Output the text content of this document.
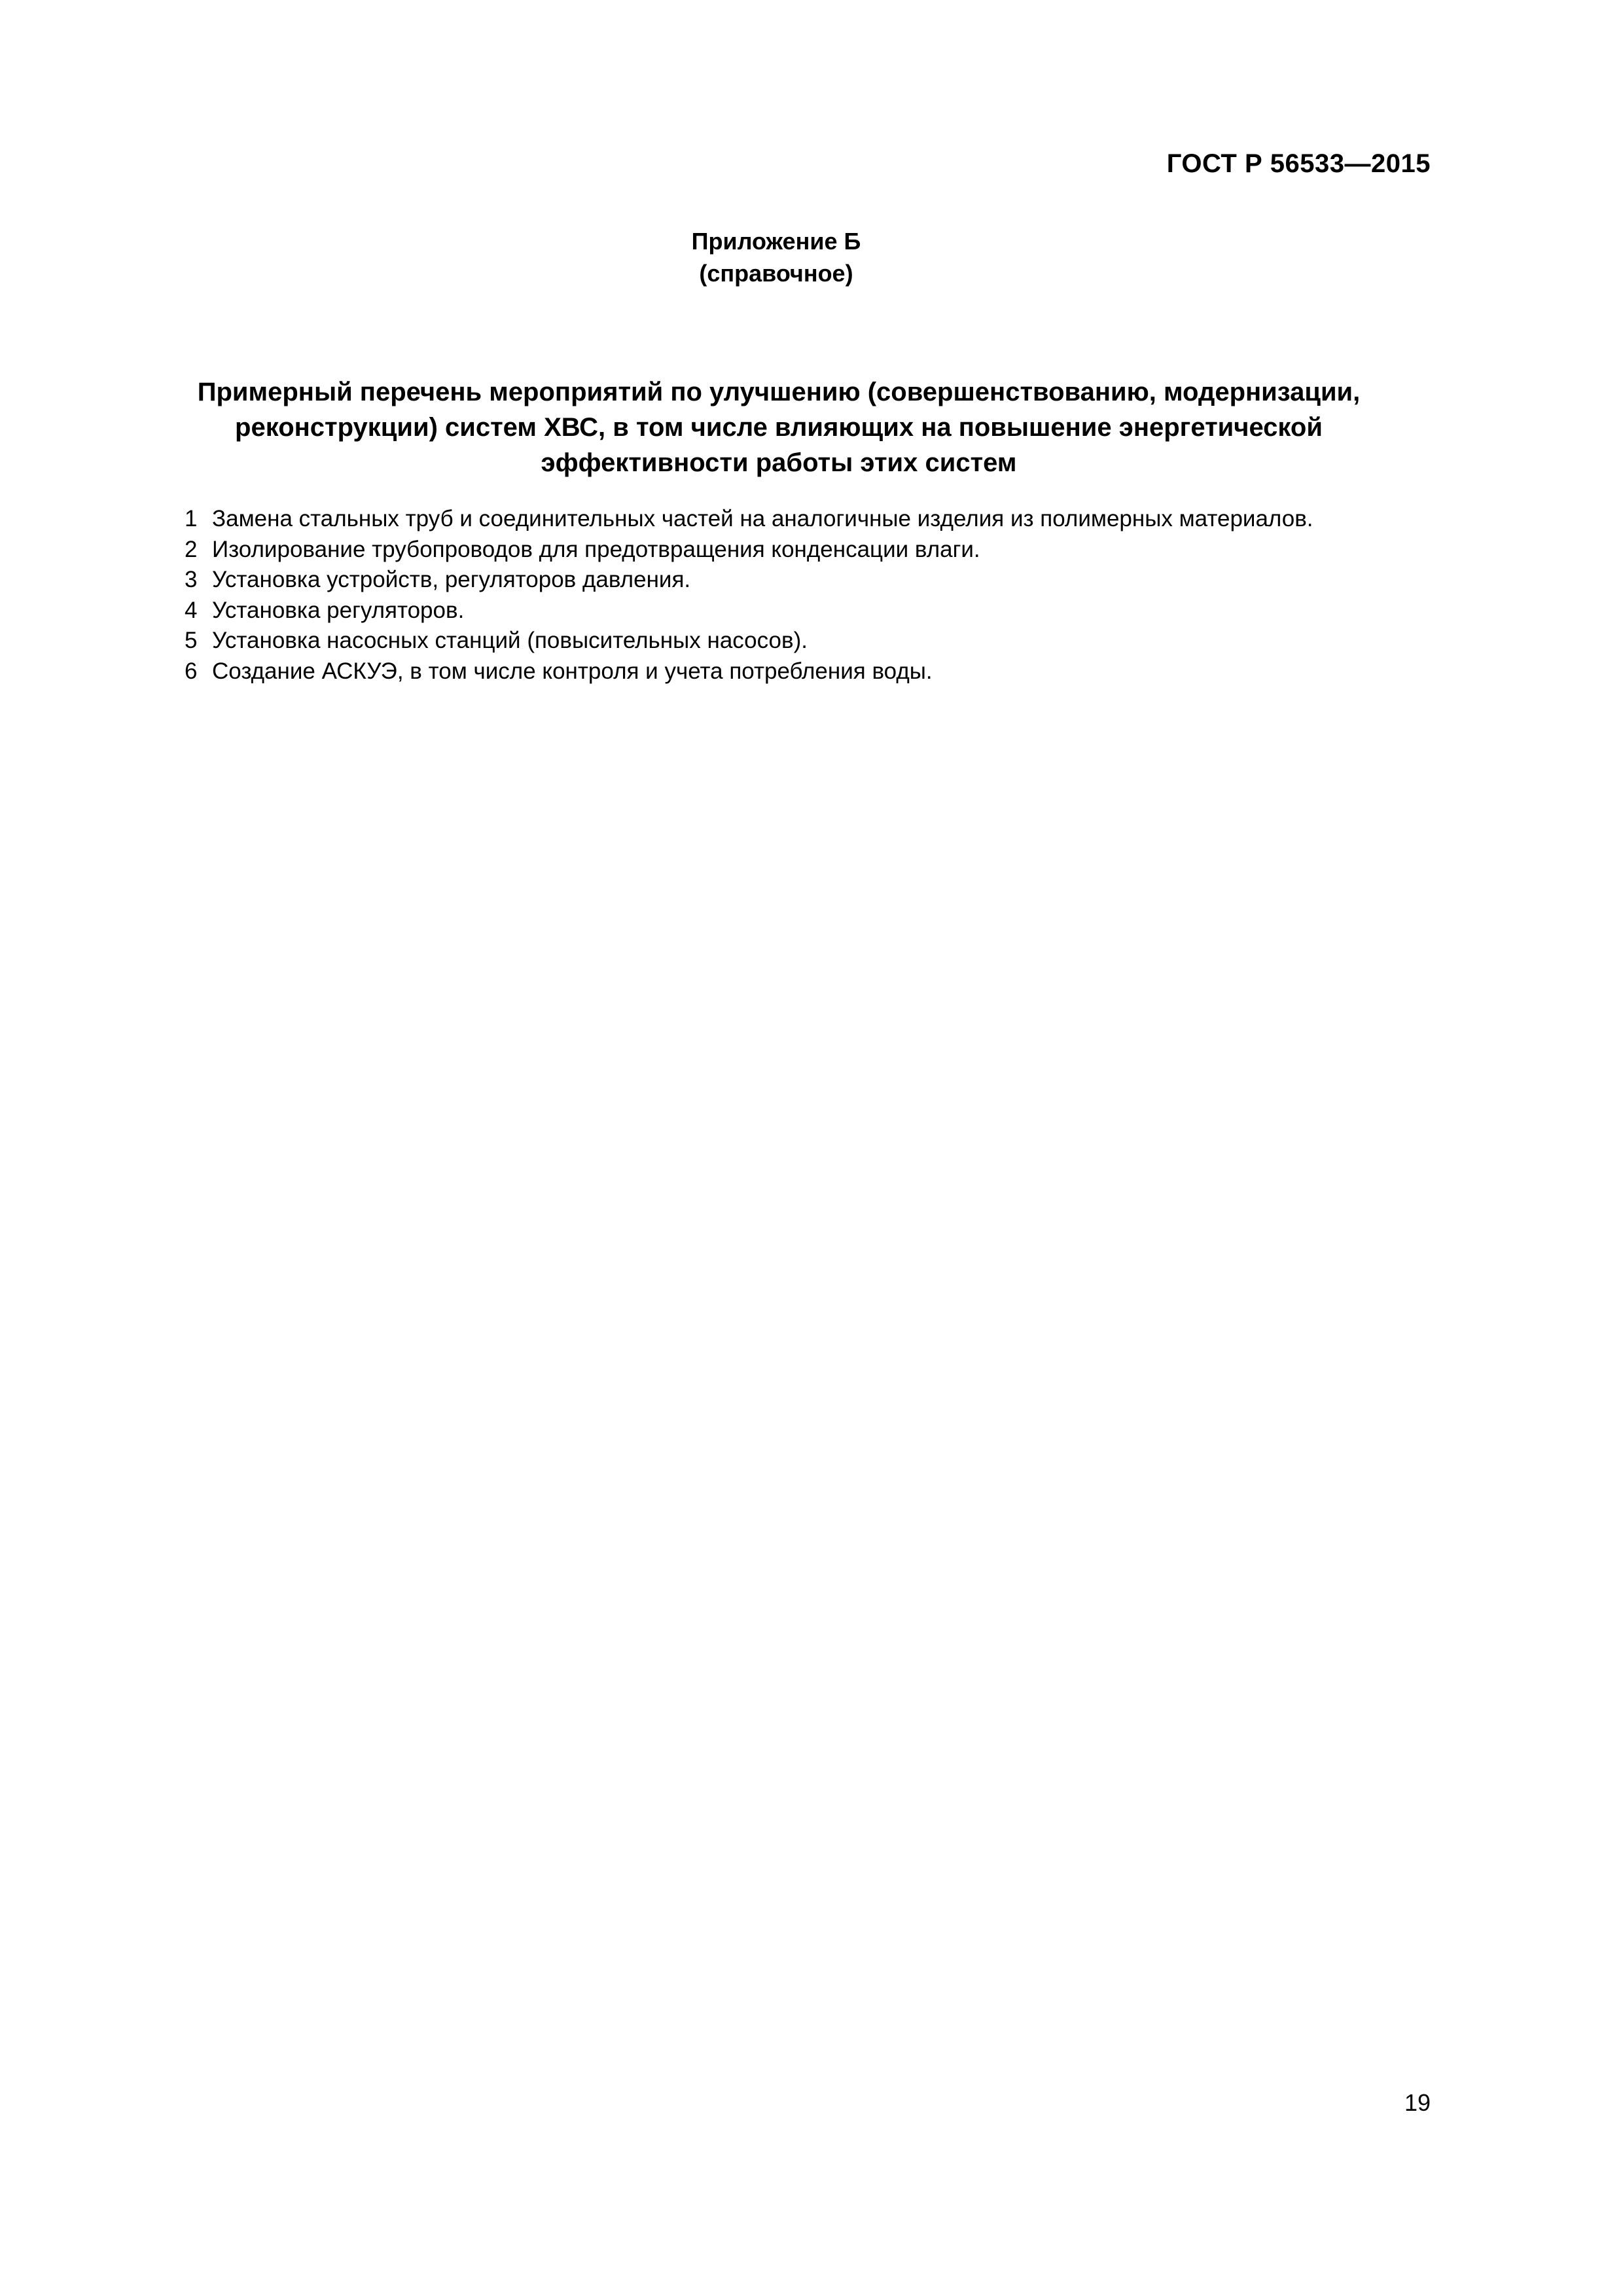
ГОСТ Р 56533—2015
Приложение Б
(справочное)
Примерный перечень мероприятий по улучшению (совершенствованию, модернизации,
реконструкции) систем ХВС, в том числе влияющих на повышение энергетической
эффективности работы этих систем
1 Замена стальных труб и соединительных частей на аналогичные изделия из полимерных материалов.
2 Изолирование трубопроводов для предотвращения конденсации влаги.
3 Установка устройств, регуляторов давления.
4 Установка регуляторов.
5 Установка насосных станций (повысительных насосов).
6 Создание АСКУЭ, в том числе контроля и учета потребления воды.
19
